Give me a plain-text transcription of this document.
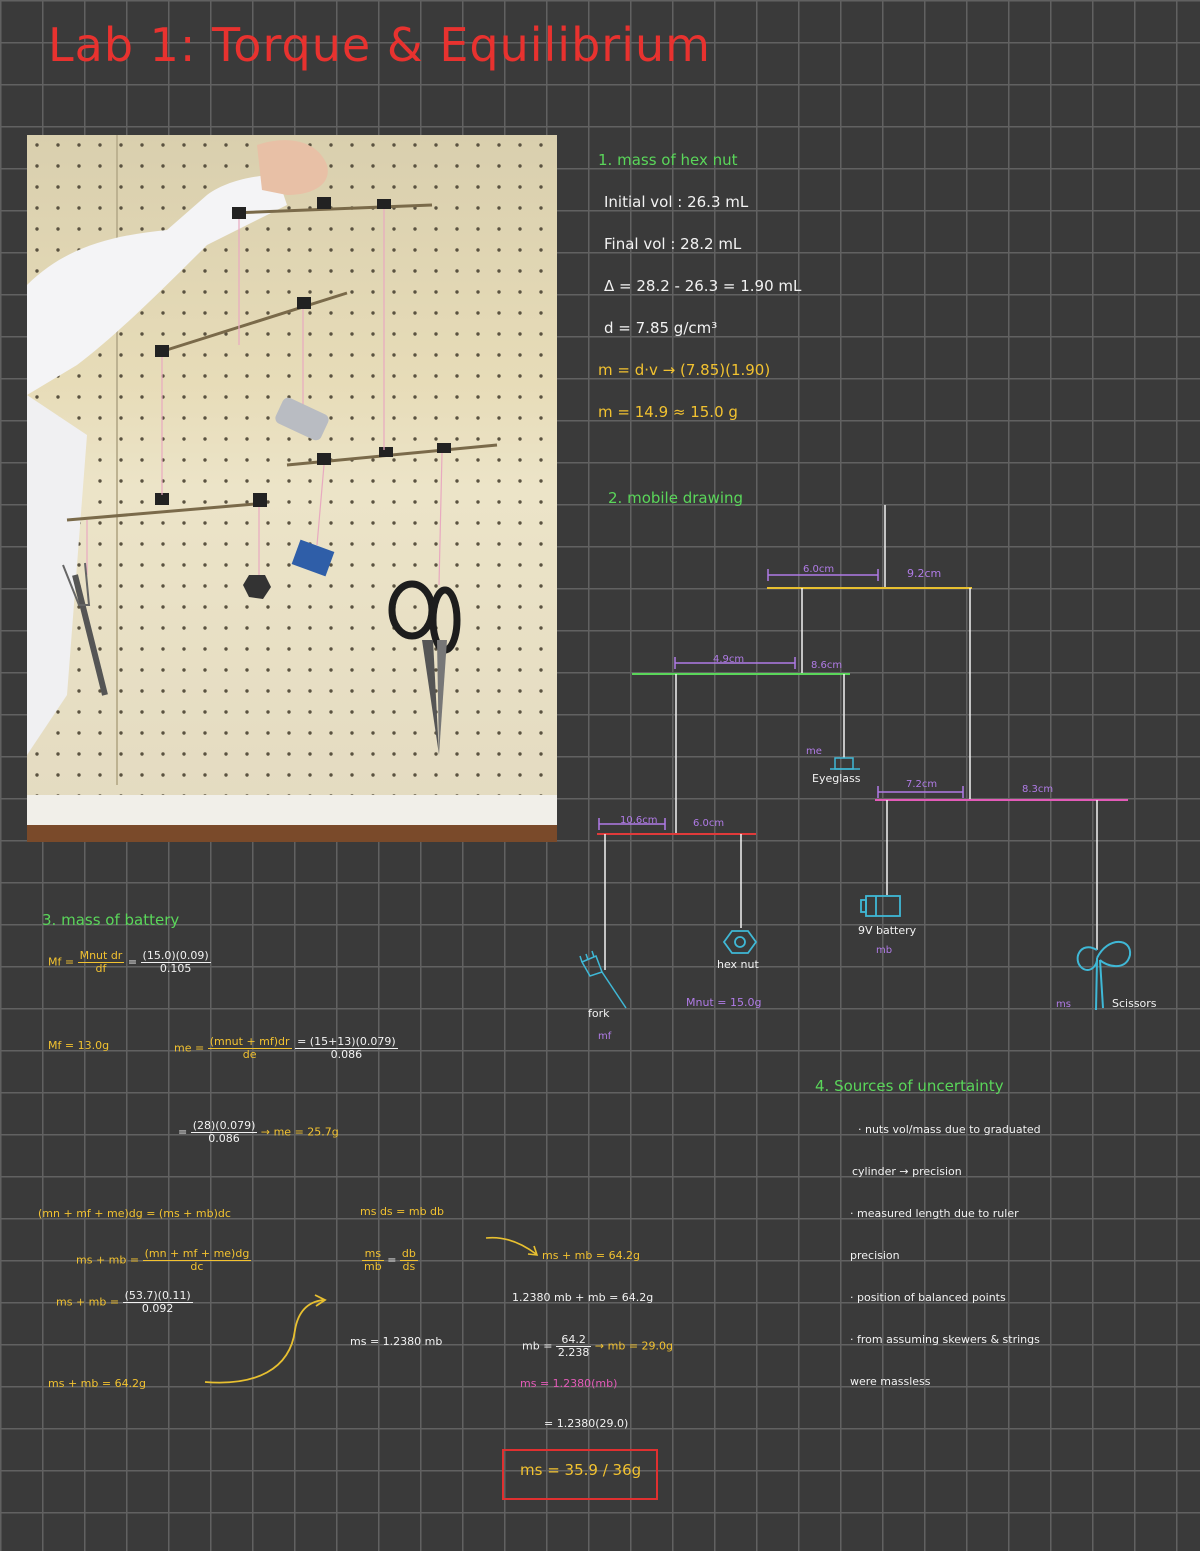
Lab 1: Torque & Equilibrium
1. mass of hex nut
Initial vol : 26.3 mL
Final vol : 28.2 mL
Δ = 28.2 - 26.3 = 1.90 mL
d = 7.85 g/cm³
m = d·v → (7.85)(1.90)
m = 14.9 ≈ 15.0 g
2. mobile drawing
6.0cm	9.2cm
4.9cm
8.6cm
10.6cm	6.0cm
7.2cm	8.3cm
me
Eyeglass
fork
mf
hex nut
Mnut = 15.0g
9V battery
mb
ms	Scissors
3. mass of battery
$Mf = \frac{\text{Mnut dr}}{df} = \frac{(15.0)(0.09)}{0.105}$
Mf = 13.0g	me = $\frac{\text{(mnut + mf)dr}}{de}$
$\frac{= (15+13)(0.079)}{0.086}$
= $\frac{(28)(0.079)}{0.086}$ → me = 25.7g
(mn + mf + me)dg = (ms + mb)dc
ms + mb = $\frac{(mn + mf + me)dg}{dc}$
ms + mb = $\frac{(53.7)(0.11)}{0.092}$
ms + mb = 64.2g
ms ds = mb db
$\frac{ms}{mb} = \frac{db}{ds}$
ms = 1.2380 mb
ms + mb = 64.2g
1.2380 mb + mb = 64.2g
mb = $\frac{64.2}{2.238}$ → mb = 29.0g
ms = 1.2380(mb)
= 1.2380(29.0)
ms = 35.9 / 36g
4. Sources of uncertainty
· nuts vol/mass due to graduated
cylinder → precision
· measured length due to ruler
precision
· position of balanced points
· from assuming skewers & strings
were massless
